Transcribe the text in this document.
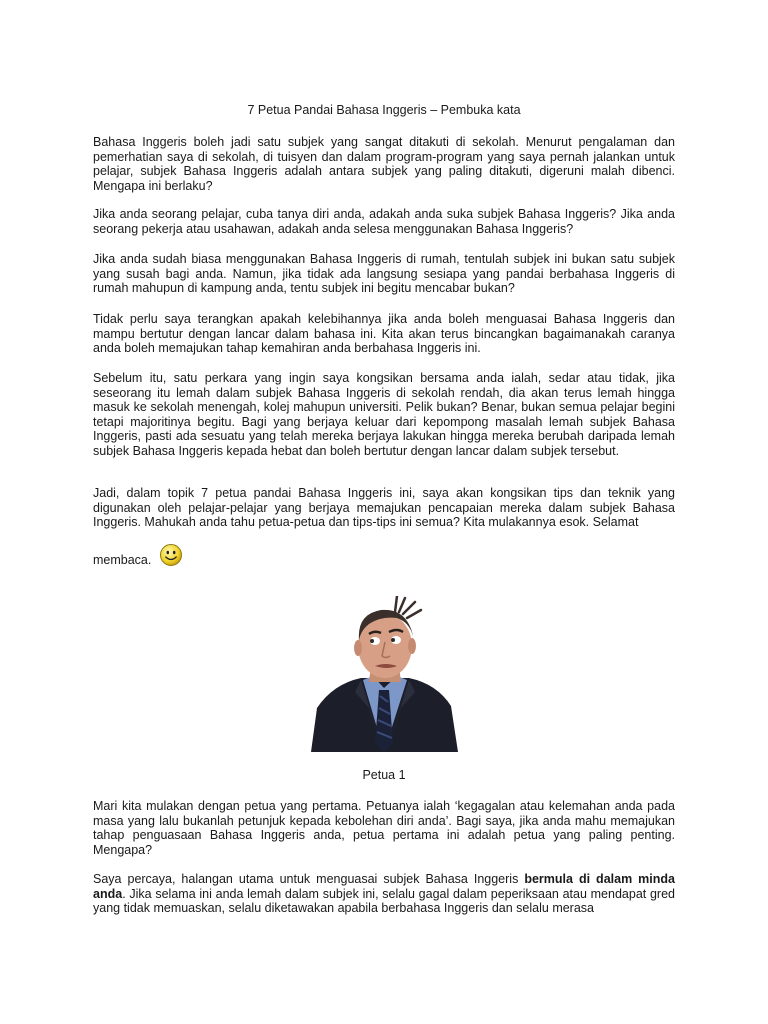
7 Petua Pandai Bahasa Inggeris – Pembuka kata

Bahasa Inggeris boleh jadi satu subjek yang sangat ditakuti di sekolah. Menurut pengalaman dan pemerhatian saya di sekolah, di tuisyen dan dalam program-program yang saya pernah jalankan untuk pelajar, subjek Bahasa Inggeris adalah antara subjek yang paling ditakuti, digeruni malah dibenci. Mengapa ini berlaku?

Jika anda seorang pelajar, cuba tanya diri anda, adakah anda suka subjek Bahasa Inggeris? Jika anda seorang pekerja atau usahawan, adakah anda selesa menggunakan Bahasa Inggeris?

Jika anda sudah biasa menggunakan Bahasa Inggeris di rumah, tentulah subjek ini bukan satu subjek yang susah bagi anda. Namun, jika tidak ada langsung sesiapa yang pandai berbahasa Inggeris di rumah mahupun di kampung anda, tentu subjek ini begitu mencabar bukan?

Tidak perlu saya terangkan apakah kelebihannya jika anda boleh menguasai Bahasa Inggeris dan mampu bertutur dengan lancar dalam bahasa ini. Kita akan terus bincangkan bagaimanakah caranya anda boleh memajukan tahap kemahiran anda berbahasa Inggeris ini.

Sebelum itu, satu perkara yang ingin saya kongsikan bersama anda ialah, sedar atau tidak, jika seseorang itu lemah dalam subjek Bahasa Inggeris di sekolah rendah, dia akan terus lemah hingga masuk ke sekolah menengah, kolej mahupun universiti. Pelik bukan? Benar, bukan semua pelajar begini tetapi majoritinya begitu. Bagi yang berjaya keluar dari kepompong masalah lemah subjek Bahasa Inggeris, pasti ada sesuatu yang telah mereka berjaya lakukan hingga mereka berubah daripada lemah subjek Bahasa Inggeris kepada hebat dan boleh bertutur dengan lancar dalam subjek tersebut.

Jadi, dalam topik 7 petua pandai Bahasa Inggeris ini, saya akan kongsikan tips dan teknik yang digunakan oleh pelajar-pelajar yang berjaya memajukan pencapaian mereka dalam subjek Bahasa Inggeris. Mahukah anda tahu petua-petua dan tips-tips ini semua? Kita mulakannya esok. Selamat
membaca.
Petua 1

Mari kita mulakan dengan petua yang pertama. Petuanya ialah ‘kegagalan atau kelemahan anda pada masa yang lalu bukanlah petunjuk kepada kebolehan diri anda’. Bagi saya, jika anda mahu memajukan tahap penguasaan Bahasa Inggeris anda, petua pertama ini adalah petua yang paling penting. Mengapa?

Saya percaya, halangan utama untuk menguasai subjek Bahasa Inggeris bermula di dalam minda anda. Jika selama ini anda lemah dalam subjek ini, selalu gagal dalam peperiksaan atau mendapat gred yang tidak memuaskan, selalu diketawakan apabila berbahasa Inggeris dan selalu merasa
